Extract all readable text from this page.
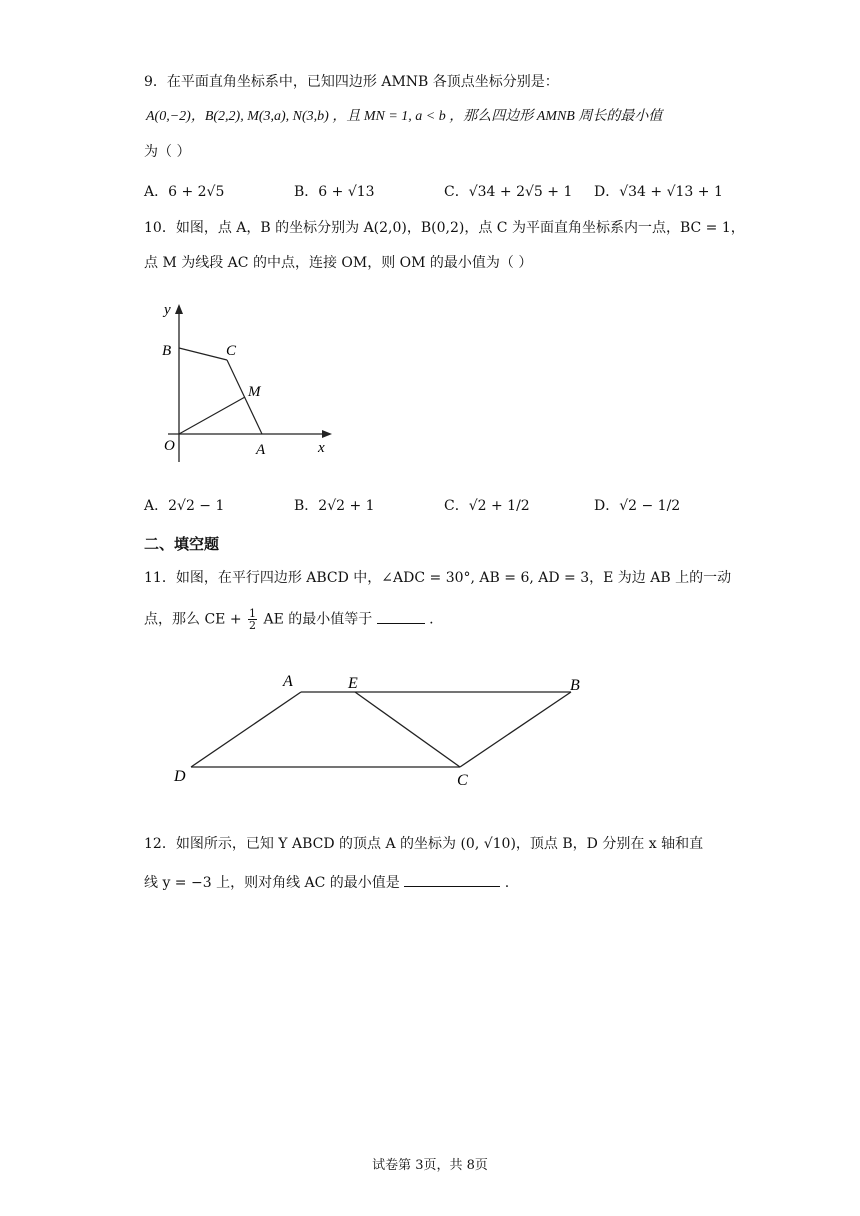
9．在平面直角坐标系中，已知四边形 AMNB 各顶点坐标分别是：
A(0,−2)，B(2,2), M(3,a), N(3,b) ，且 MN = 1, a < b ，那么四边形 AMNB 周长的最小值
为（ ）
A．6 + 2√5	B．6 + √13	C．√34 + 2√5 + 1 D．√34 + √13 + 1
10．如图，点 A，B 的坐标分别为 A(2,0)，B(0,2)，点 C 为平面直角坐标系内一点，BC = 1，
点 M 为线段 AC 的中点，连接 OM，则 OM 的最小值为（ ）
y
x
B	C
M
O	A
A．2√2 − 1	B．2√2 + 1	C．√2 + 1/2	D．√2 − 1/2
二、填空题
11．如图，在平行四边形 ABCD 中，∠ADC = 30°, AB = 6, AD = 3，E 为边 AB 上的一动
点，那么 CE + $\frac{1}{2}$ AE 的最小值等于	.
A	E	B
D	C
12．如图所示，已知 Y ABCD 的顶点 A 的坐标为 (0, √10)，顶点 B，D 分别在 x 轴和直
线 y = −3 上，则对角线 AC 的最小值是	.
试卷第 3页，共 8页
